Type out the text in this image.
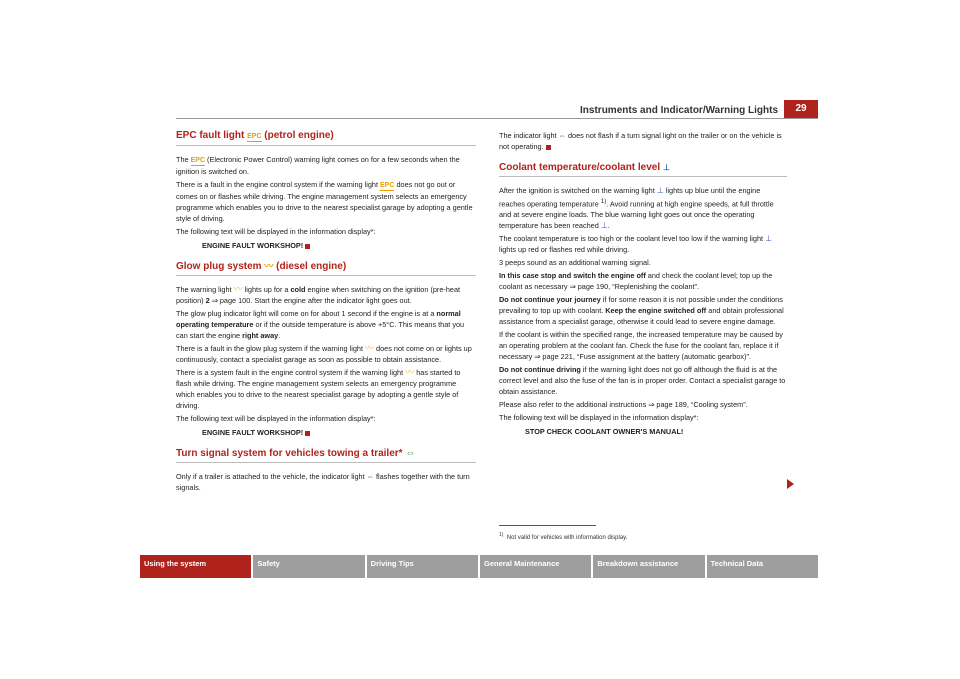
Instruments and Indicator/Warning Lights	29
EPC fault light EPC (petrol engine)

The EPC (Electronic Power Control) warning light comes on for a few seconds when the ignition is switched on.

There is a fault in the engine control system if the warning light EPC does not go out or comes on or flashes while driving. The engine management system selects an emergency programme which enables you to drive to the nearest specialist garage by adopting a gentle style of driving.

The following text will be displayed in the information display*:

ENGINE FAULT WORKSHOP!

Glow plug system 〰 (diesel engine)

The warning light 〰 lights up for a cold engine when switching on the ignition (pre-heat position) 2 ⇒ page 100. Start the engine after the indicator light goes out.

The glow plug indicator light will come on for about 1 second if the engine is at a normal operating temperature or if the outside temperature is above +5°C. This means that you can start the engine right away.

There is a fault in the glow plug system if the warning light 〰 does not come on or lights up continuously, contact a specialist garage as soon as possible to obtain assistance.

There is a system fault in the engine control system if the warning light 〰 has started to flash while driving. The engine management system selects an emergency programme which enables you to drive to the nearest specialist garage by adopting a gentle style of driving.

The following text will be displayed in the information display*:

ENGINE FAULT WORKSHOP!

Turn signal system for vehicles towing a trailer* ⇔

Only if a trailer is attached to the vehicle, the indicator light ⇔ flashes together with the turn signals.

The indicator light ⇔ does not flash if a turn signal light on the trailer or on the vehicle is not operating.

Coolant temperature/coolant level ⊥

After the ignition is switched on the warning light ⊥ lights up blue until the engine reaches operating temperature $^{1)}$. Avoid running at high engine speeds, at full throttle and at severe engine loads. The blue warning light goes out once the operating temperature has been reached ⊥.

The coolant temperature is too high or the coolant level too low if the warning light ⊥ lights up red or flashes red while driving.

3 peeps sound as an additional warning signal.

In this case stop and switch the engine off and check the coolant level; top up the coolant as necessary ⇒ page 190, “Replenishing the coolant”.

Do not continue your journey if for some reason it is not possible under the conditions prevailing to top up with coolant. Keep the engine switched off and obtain professional assistance from a specialist garage, otherwise it could lead to severe engine damage.

If the coolant is within the specified range, the increased temperature may be caused by an operating problem at the coolant fan. Check the fuse for the coolant fan, replace it if necessary ⇒ page 221, “Fuse assignment at the battery (automatic gearbox)”.

Do not continue driving if the warning light does not go off although the fluid is at the correct level and also the fuse of the fan is in proper order. Contact a specialist garage to obtain assistance.

Please also refer to the additional instructions ⇒ page 189, “Cooling system”.

The following text will be displayed in the information display*:

STOP CHECK COOLANT OWNER'S MANUAL!

$^{1)}$ Not valid for vehicles with information display.
Using the system	Safety	Driving Tips	General Maintenance	Breakdown assistance	Technical Data
